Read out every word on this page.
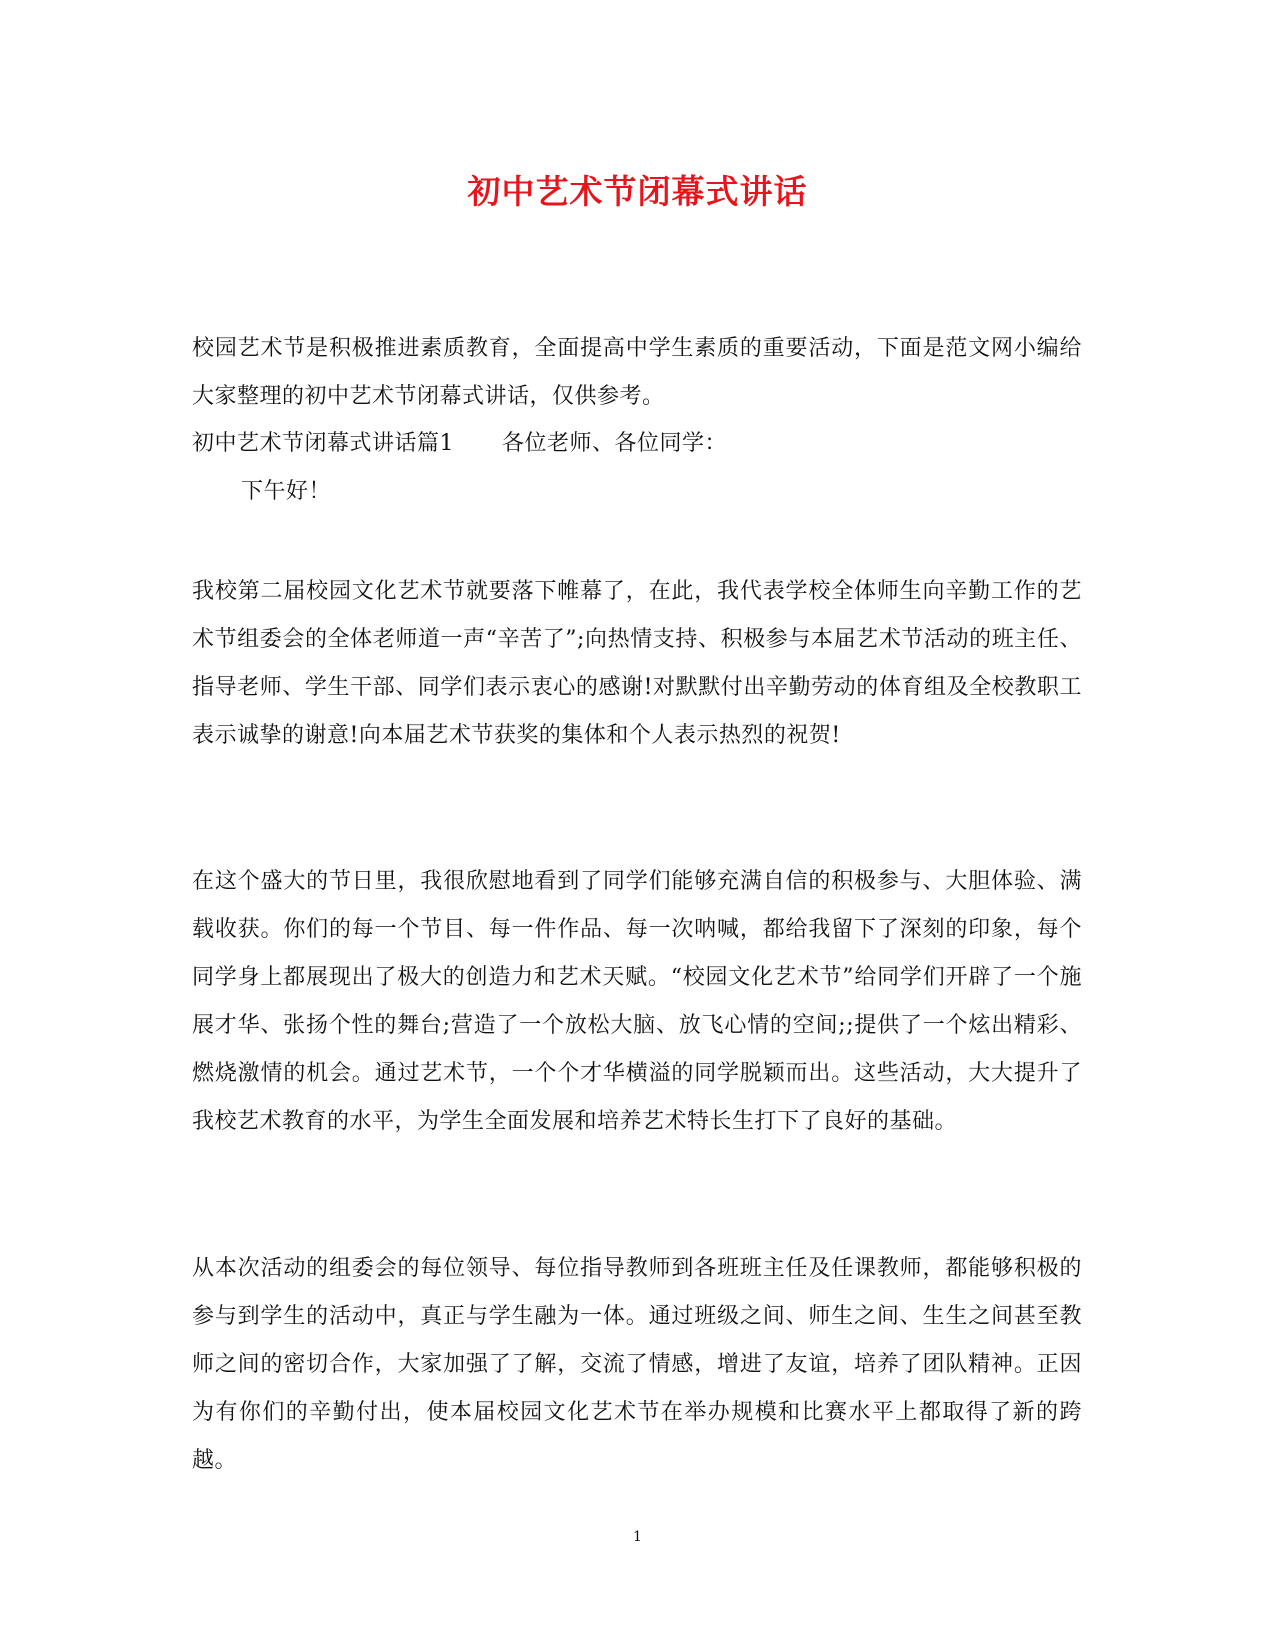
初中艺术节闭幕式讲话
校园艺术节是积极推进素质教育，全面提高中学生素质的重要活动，下面是范文网小编给大家整理的初中艺术节闭幕式讲话，仅供参考。
初中艺术节闭幕式讲话篇1 各位老师、各位同学：
下午好！
我校第二届校园文化艺术节就要落下帷幕了，在此，我代表学校全体师生向辛勤工作的艺术节组委会的全体老师道一声“辛苦了”;向热情支持、积极参与本届艺术节活动的班主任、指导老师、学生干部、同学们表示衷心的感谢!对默默付出辛勤劳动的体育组及全校教职工表示诚挚的谢意!向本届艺术节获奖的集体和个人表示热烈的祝贺!
在这个盛大的节日里，我很欣慰地看到了同学们能够充满自信的积极参与、大胆体验、满载收获。你们的每一个节目、每一件作品、每一次呐喊，都给我留下了深刻的印象，每个同学身上都展现出了极大的创造力和艺术天赋。“校园文化艺术节”给同学们开辟了一个施展才华、张扬个性的舞台;营造了一个放松大脑、放飞心情的空间;;提供了一个炫出精彩、燃烧激情的机会。通过艺术节，一个个才华横溢的同学脱颖而出。这些活动，大大提升了我校艺术教育的水平，为学生全面发展和培养艺术特长生打下了良好的基础。
从本次活动的组委会的每位领导、每位指导教师到各班班主任及任课教师，都能够积极的参与到学生的活动中，真正与学生融为一体。通过班级之间、师生之间、生生之间甚至教师之间的密切合作，大家加强了了解，交流了情感，增进了友谊，培养了团队精神。正因为有你们的辛勤付出，使本届校园文化艺术节在举办规模和比赛水平上都取得了新的跨越。
1
